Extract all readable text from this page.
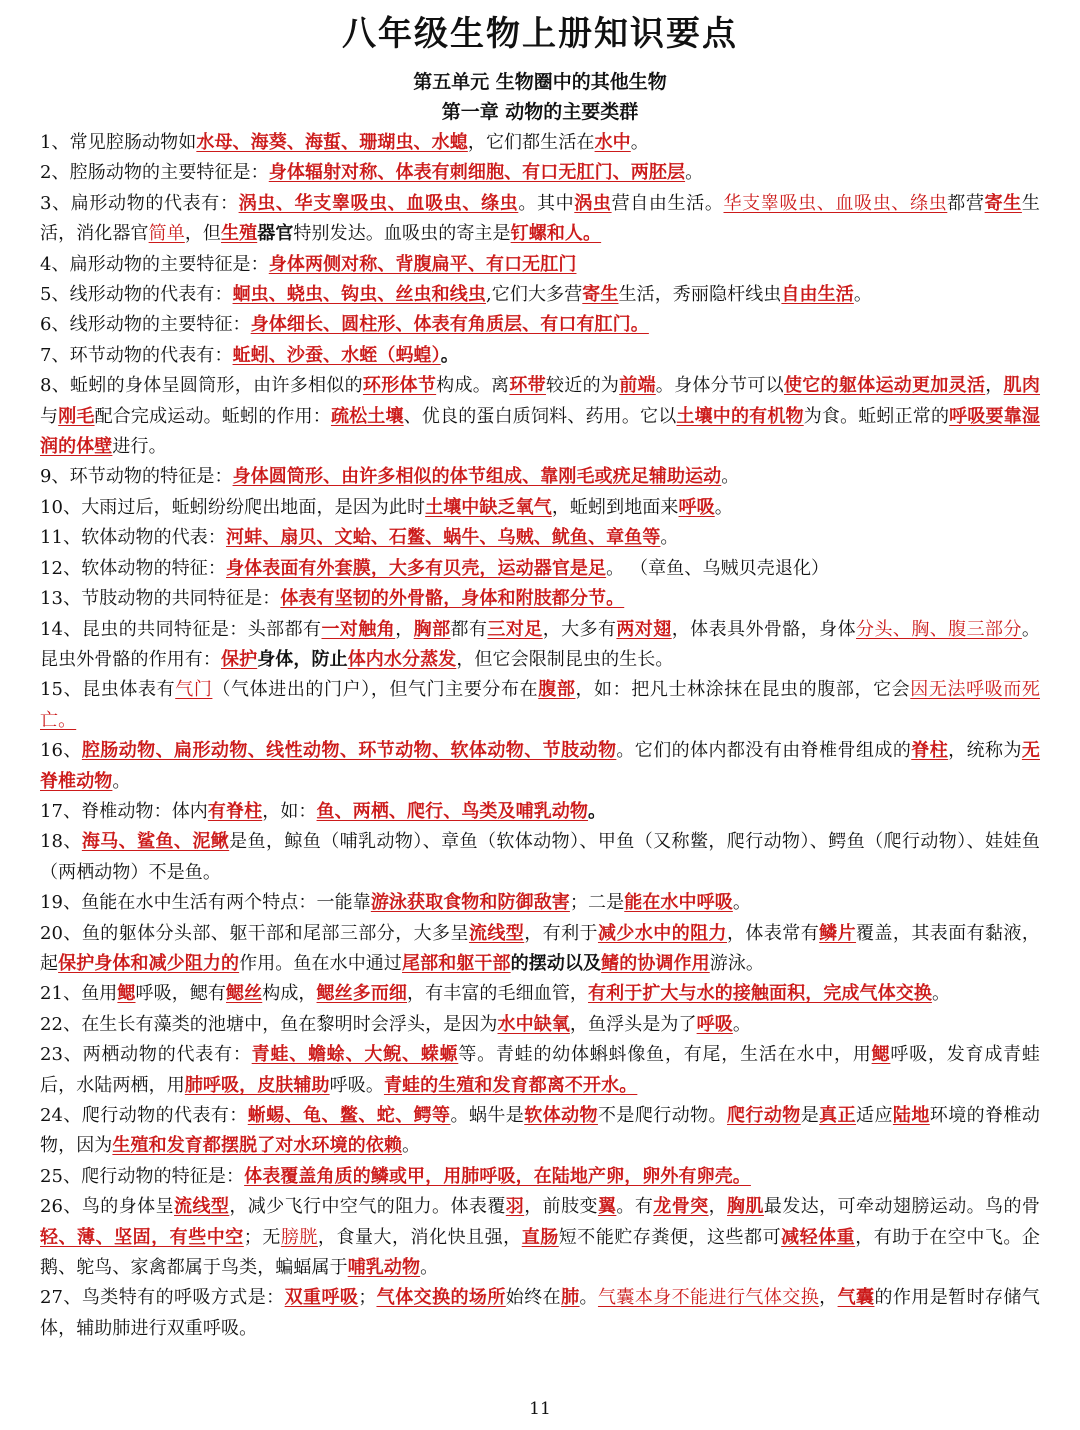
八年级生物上册知识要点
第五单元 生物圈中的其他生物
第一章 动物的主要类群

1、常见腔肠动物如水母、海葵、海蜇、珊瑚虫、水螅，它们都生活在水中。

2、腔肠动物的主要特征是：身体辐射对称、体表有刺细胞、有口无肛门、两胚层。

3、扁形动物的代表有：涡虫、华支睾吸虫、血吸虫、绦虫。其中涡虫营自由生活。华支睾吸虫、血吸虫、绦虫都营寄生生活，消化器官简单，但生殖器官特别发达。血吸虫的寄主是钉螺和人。

4、扁形动物的主要特征是：身体两侧对称、背腹扁平、有口无肛门

5、线形动物的代表有：蛔虫、蛲虫、钩虫、丝虫和线虫,它们大多营寄生生活，秀丽隐杆线虫自由生活。

6、线形动物的主要特征：身体细长、圆柱形、体表有角质层、有口有肛门。

7、环节动物的代表有：蚯蚓、沙蚕、水蛭（蚂蝗）。

8、蚯蚓的身体呈圆筒形，由许多相似的环形体节构成。离环带较近的为前端。身体分节可以使它的躯体运动更加灵活，肌肉与刚毛配合完成运动。蚯蚓的作用：疏松土壤、优良的蛋白质饲料、药用。它以土壤中的有机物为食。蚯蚓正常的呼吸要靠湿润的体壁进行。

9、环节动物的特征是：身体圆筒形、由许多相似的体节组成、靠刚毛或疣足辅助运动。

10、大雨过后，蚯蚓纷纷爬出地面，是因为此时土壤中缺乏氧气，蚯蚓到地面来呼吸。

11、软体动物的代表：河蚌、扇贝、文蛤、石鳖、蜗牛、乌贼、鱿鱼、章鱼等。

12、软体动物的特征：身体表面有外套膜，大多有贝壳，运动器官是足。 （章鱼、乌贼贝壳退化）

13、节肢动物的共同特征是：体表有坚韧的外骨骼，身体和附肢都分节。

14、昆虫的共同特征是：头部都有一对触角，胸部都有三对足，大多有两对翅，体表具外骨骼，身体分头、胸、腹三部分。昆虫外骨骼的作用有：保护身体，防止体内水分蒸发，但它会限制昆虫的生长。

15、昆虫体表有气门（气体进出的门户），但气门主要分布在腹部，如：把凡士林涂抹在昆虫的腹部，它会因无法呼吸而死亡。

16、腔肠动物、扁形动物、线性动物、环节动物、软体动物、节肢动物。它们的体内都没有由脊椎骨组成的脊柱，统称为无脊椎动物。

17、脊椎动物：体内有脊柱，如：鱼、两栖、爬行、鸟类及哺乳动物。

18、海马、鲨鱼、泥鳅是鱼，鲸鱼（哺乳动物）、章鱼（软体动物）、甲鱼（又称鳖，爬行动物）、鳄鱼（爬行动物）、娃娃鱼（两栖动物）不是鱼。

19、鱼能在水中生活有两个特点：一能靠游泳获取食物和防御敌害；二是能在水中呼吸。

20、鱼的躯体分头部、躯干部和尾部三部分，大多呈流线型，有利于减少水中的阻力，体表常有鳞片覆盖，其表面有黏液，起保护身体和减少阻力的作用。鱼在水中通过尾部和躯干部的摆动以及鳍的协调作用游泳。

21、鱼用鳃呼吸，鳃有鳃丝构成，鳃丝多而细，有丰富的毛细血管，有利于扩大与水的接触面积，完成气体交换。

22、在生长有藻类的池塘中，鱼在黎明时会浮头，是因为水中缺氧，鱼浮头是为了呼吸。

23、两栖动物的代表有：青蛙、蟾蜍、大鲵、蝾螈等。青蛙的幼体蝌蚪像鱼，有尾，生活在水中，用鳃呼吸，发育成青蛙后，水陆两栖，用肺呼吸，皮肤辅助呼吸。青蛙的生殖和发育都离不开水。

24、爬行动物的代表有：蜥蜴、龟、鳖、蛇、鳄等。蜗牛是软体动物不是爬行动物。爬行动物是真正适应陆地环境的脊椎动物，因为生殖和发育都摆脱了对水环境的依赖。

25、爬行动物的特征是：体表覆盖角质的鳞或甲，用肺呼吸，在陆地产卵，卵外有卵壳。

26、鸟的身体呈流线型，减少飞行中空气的阻力。体表覆羽，前肢变翼。有龙骨突，胸肌最发达，可牵动翅膀运动。鸟的骨轻、薄、坚固，有些中空；无膀胱，食量大，消化快且强，直肠短不能贮存粪便，这些都可减轻体重，有助于在空中飞。企鹅、鸵鸟、家禽都属于鸟类，蝙蝠属于哺乳动物。

27、鸟类特有的呼吸方式是：双重呼吸；气体交换的场所始终在肺。气囊本身不能进行气体交换，气囊的作用是暂时存储气体，辅助肺进行双重呼吸。

11
